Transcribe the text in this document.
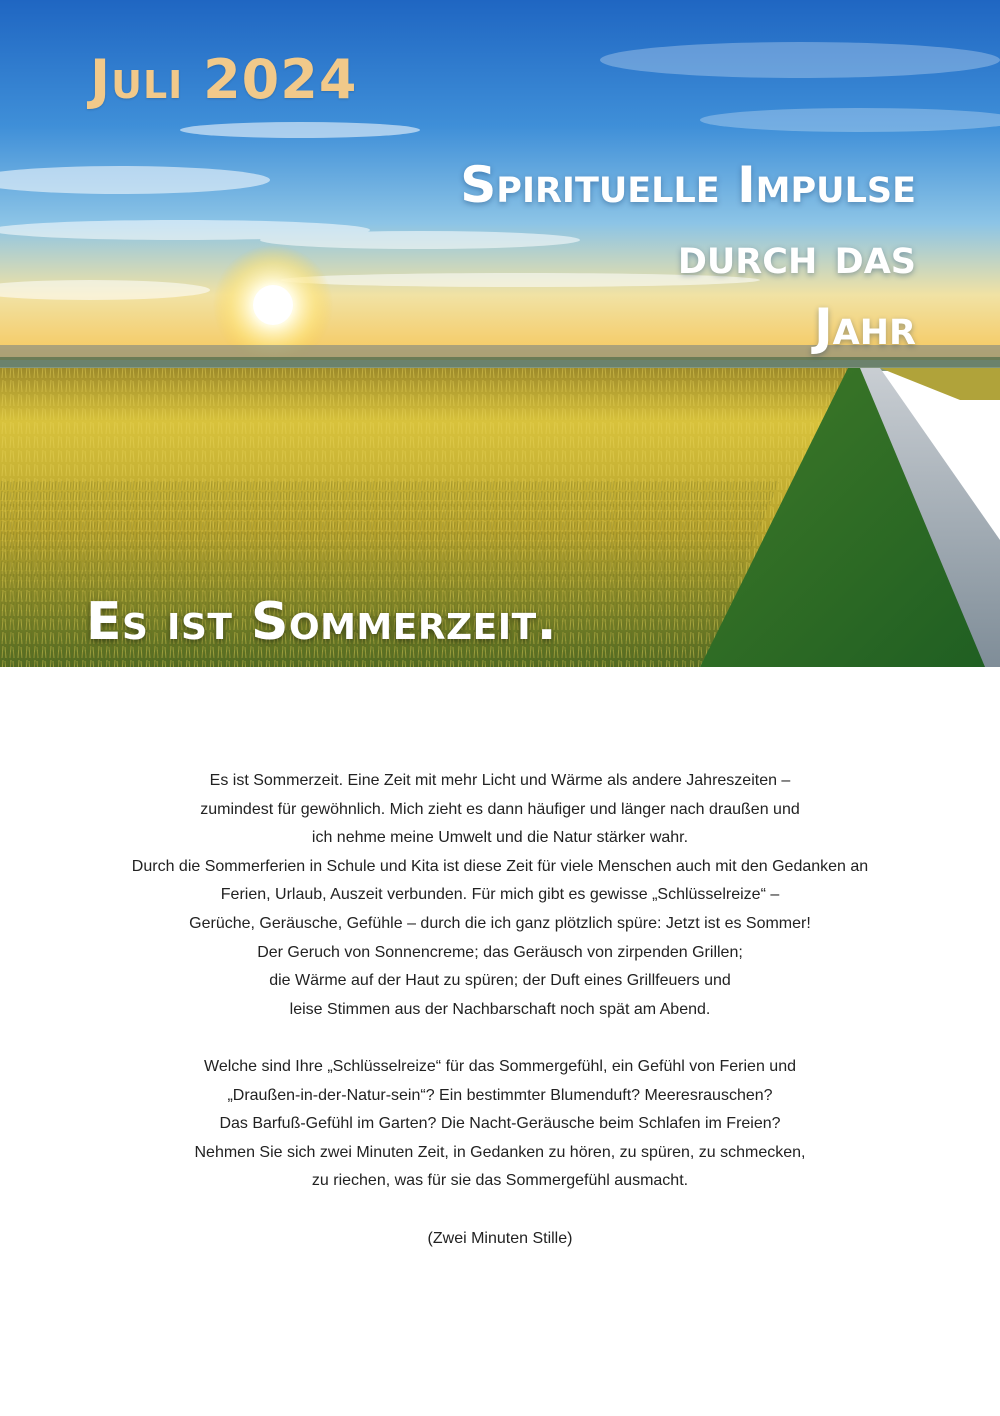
Juli 2024
Spirituelle Impulse
durch das
Jahr
Es ist Sommerzeit.

Es ist Sommerzeit. Eine Zeit mit mehr Licht und Wärme als andere Jahreszeiten –

zumindest für gewöhnlich. Mich zieht es dann häufiger und länger nach draußen und

ich nehme meine Umwelt und die Natur stärker wahr.

Durch die Sommerferien in Schule und Kita ist diese Zeit für viele Menschen auch mit den Gedanken an

Ferien, Urlaub, Auszeit verbunden. Für mich gibt es gewisse „Schlüsselreize“ –

Gerüche, Geräusche, Gefühle – durch die ich ganz plötzlich spüre: Jetzt ist es Sommer!

Der Geruch von Sonnencreme; das Geräusch von zirpenden Grillen;

die Wärme auf der Haut zu spüren; der Duft eines Grillfeuers und

leise Stimmen aus der Nachbarschaft noch spät am Abend.

Welche sind Ihre „Schlüsselreize“ für das Sommergefühl, ein Gefühl von Ferien und

„Draußen-in-der-Natur-sein“? Ein bestimmter Blumenduft? Meeresrauschen?

Das Barfuß-Gefühl im Garten? Die Nacht-Geräusche beim Schlafen im Freien?

Nehmen Sie sich zwei Minuten Zeit, in Gedanken zu hören, zu spüren, zu schmecken,

zu riechen, was für sie das Sommergefühl ausmacht.

(Zwei Minuten Stille)
